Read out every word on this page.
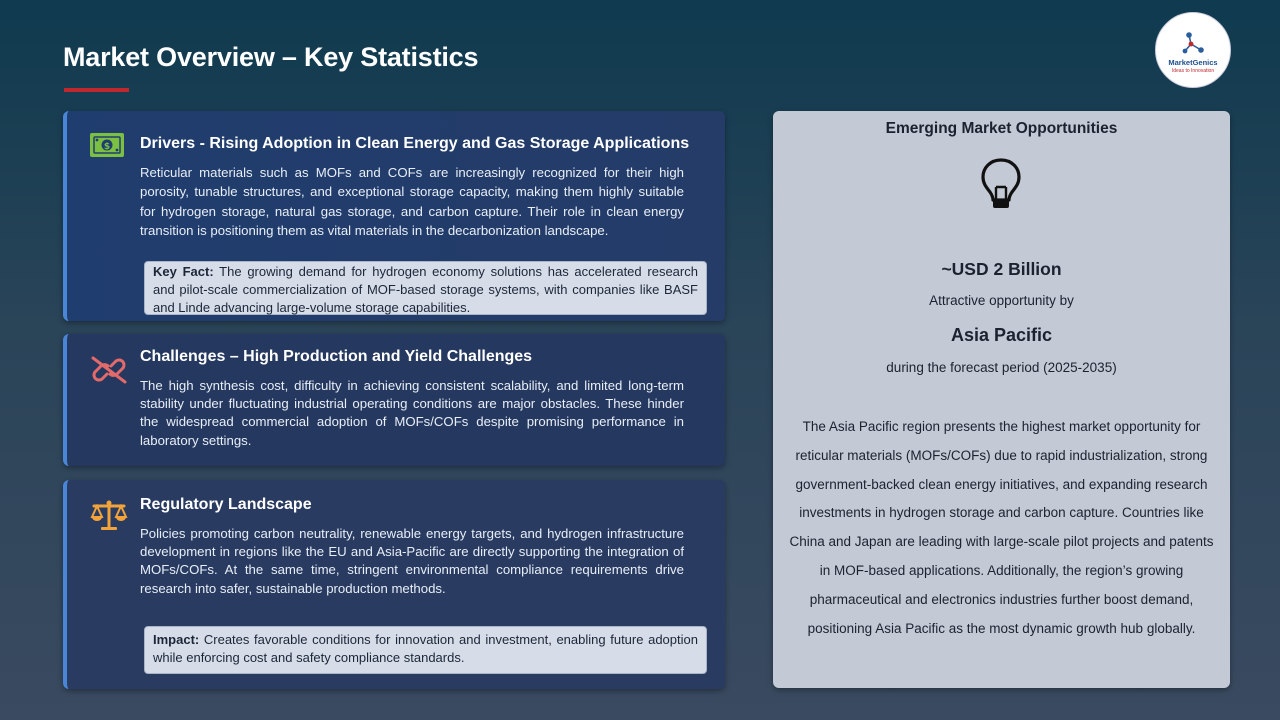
Market Overview – Key Statistics	MarketGenics
Ideas to Innovation
$ Drivers - Rising Adoption in Clean Energy and Gas Storage Applications
Reticular materials such as MOFs and COFs are increasingly recognized for their high porosity, tunable structures, and exceptional storage capacity, making them highly suitable for hydrogen storage, natural gas storage, and carbon capture. Their role in clean energy transition is positioning them as vital materials in the decarbonization landscape.
Key Fact: The growing demand for hydrogen economy solutions has accelerated research and pilot-scale commercialization of MOF-based storage systems, with companies like BASF and Linde advancing large-volume storage capabilities.
Challenges – High Production and Yield Challenges
The high synthesis cost, difficulty in achieving consistent scalability, and limited long-term stability under fluctuating industrial operating conditions are major obstacles. These hinder the widespread commercial adoption of MOFs/COFs despite promising performance in laboratory settings.
Regulatory Landscape
Policies promoting carbon neutrality, renewable energy targets, and hydrogen infrastructure development in regions like the EU and Asia-Pacific are directly supporting the integration of MOFs/COFs. At the same time, stringent environmental compliance requirements drive research into safer, sustainable production methods.
Impact: Creates favorable conditions for innovation and investment, enabling future adoption while enforcing cost and safety compliance standards.
Emerging Market Opportunities
~USD 2 Billion
Attractive opportunity by
Asia Pacific
during the forecast period (2025-2035)
The Asia Pacific region presents the highest market opportunity for reticular materials (MOFs/COFs) due to rapid industrialization, strong government-backed clean energy initiatives, and expanding research investments in hydrogen storage and carbon capture. Countries like China and Japan are leading with large-scale pilot projects and patents in MOF-based applications. Additionally, the region’s growing pharmaceutical and electronics industries further boost demand, positioning Asia Pacific as the most dynamic growth hub globally.
